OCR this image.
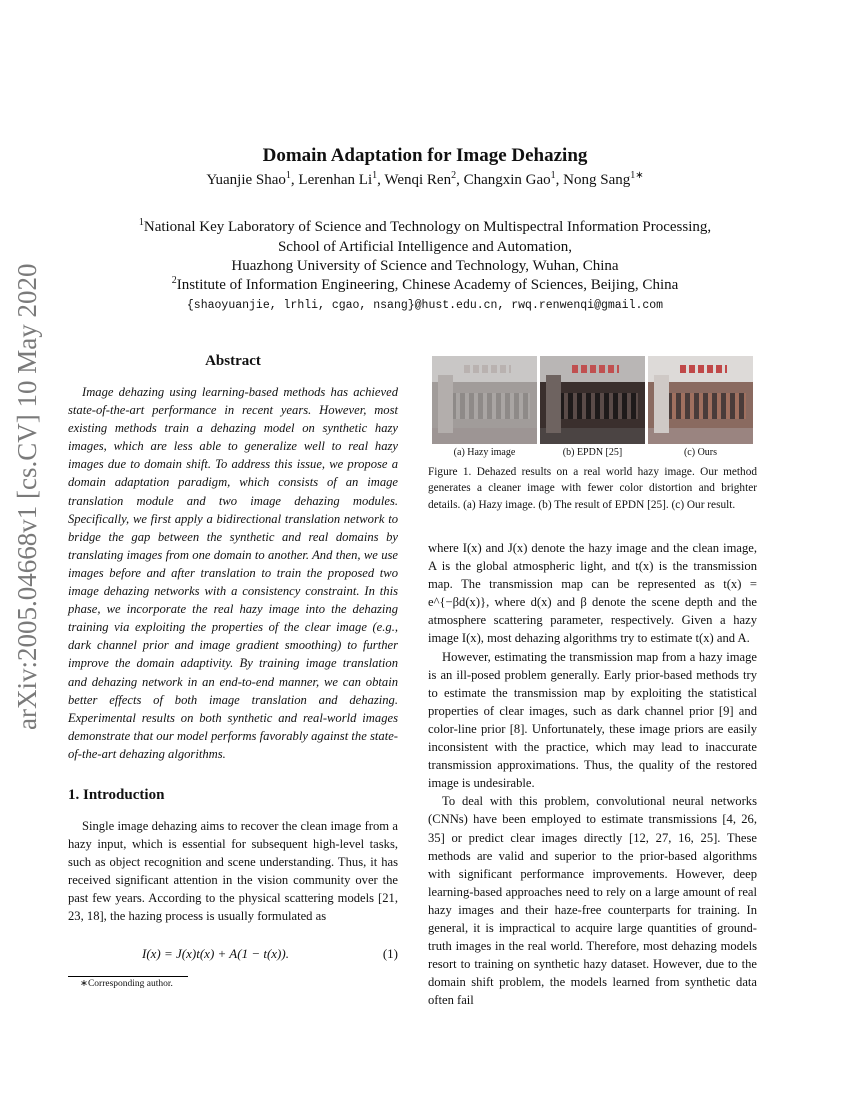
arXiv:2005.04668v1 [cs.CV] 10 May 2020
Domain Adaptation for Image Dehazing
Yuanjie Shao$^1$, Lerenhan Li$^1$, Wenqi Ren$^2$, Changxin Gao$^1$, Nong Sang$^{1∗}$
$^1$National Key Laboratory of Science and Technology on Multispectral Information Processing,
School of Artificial Intelligence and Automation,
Huazhong University of Science and Technology, Wuhan, China
$^2$Institute of Information Engineering, Chinese Academy of Sciences, Beijing, China
{shaoyuanjie, lrhli, cgao, nsang}@hust.edu.cn, rwq.renwenqi@gmail.com
Abstract

Image dehazing using learning-based methods has achieved state-of-the-art performance in recent years. However, most existing methods train a dehazing model on synthetic hazy images, which are less able to generalize well to real hazy images due to domain shift. To address this issue, we propose a domain adaptation paradigm, which consists of an image translation module and two image dehazing modules. Specifically, we first apply a bidirectional translation network to bridge the gap between the synthetic and real domains by translating images from one domain to another. And then, we use images before and after translation to train the proposed two image dehazing networks with a consistency constraint. In this phase, we incorporate the real hazy image into the dehazing training via exploiting the properties of the clear image (e.g., dark channel prior and image gradient smoothing) to further improve the domain adaptivity. By training image translation and dehazing network in an end-to-end manner, we can obtain better effects of both image translation and dehazing. Experimental results on both synthetic and real-world images demonstrate that our model performs favorably against the state-of-the-art dehazing algorithms.

1. Introduction

Single image dehazing aims to recover the clean image from a hazy input, which is essential for subsequent high-level tasks, such as object recognition and scene understanding. Thus, it has received significant attention in the vision community over the past few years. According to the physical scattering models [21, 23, 18], the hazing process is usually formulated as

I(x) = J(x)t(x) + A(1 − t(x)).	(1)
∗Corresponding author.
(a) Hazy image	(b) EPDN [25]	(c) Ours
Figure 1. Dehazed results on a real world hazy image. Our method generates a cleaner image with fewer color distortion and brighter details. (a) Hazy image. (b) The result of EPDN [25]. (c) Our result.

where I(x) and J(x) denote the hazy image and the clean image, A is the global atmospheric light, and t(x) is the transmission map. The transmission map can be represented as t(x) = e^{−βd(x)}, where d(x) and β denote the scene depth and the atmosphere scattering parameter, respectively. Given a hazy image I(x), most dehazing algorithms try to estimate t(x) and A.

However, estimating the transmission map from a hazy image is an ill-posed problem generally. Early prior-based methods try to estimate the transmission map by exploiting the statistical properties of clear images, such as dark channel prior [9] and color-line prior [8]. Unfortunately, these image priors are easily inconsistent with the practice, which may lead to inaccurate transmission approximations. Thus, the quality of the restored image is undesirable.

To deal with this problem, convolutional neural networks (CNNs) have been employed to estimate transmissions [4, 26, 35] or predict clear images directly [12, 27, 16, 25]. These methods are valid and superior to the prior-based algorithms with significant performance improvements. However, deep learning-based approaches need to rely on a large amount of real hazy images and their haze-free counterparts for training. In general, it is impractical to acquire large quantities of ground-truth images in the real world. Therefore, most dehazing models resort to training on synthetic hazy dataset. However, due to the domain shift problem, the models learned from synthetic data often fail
